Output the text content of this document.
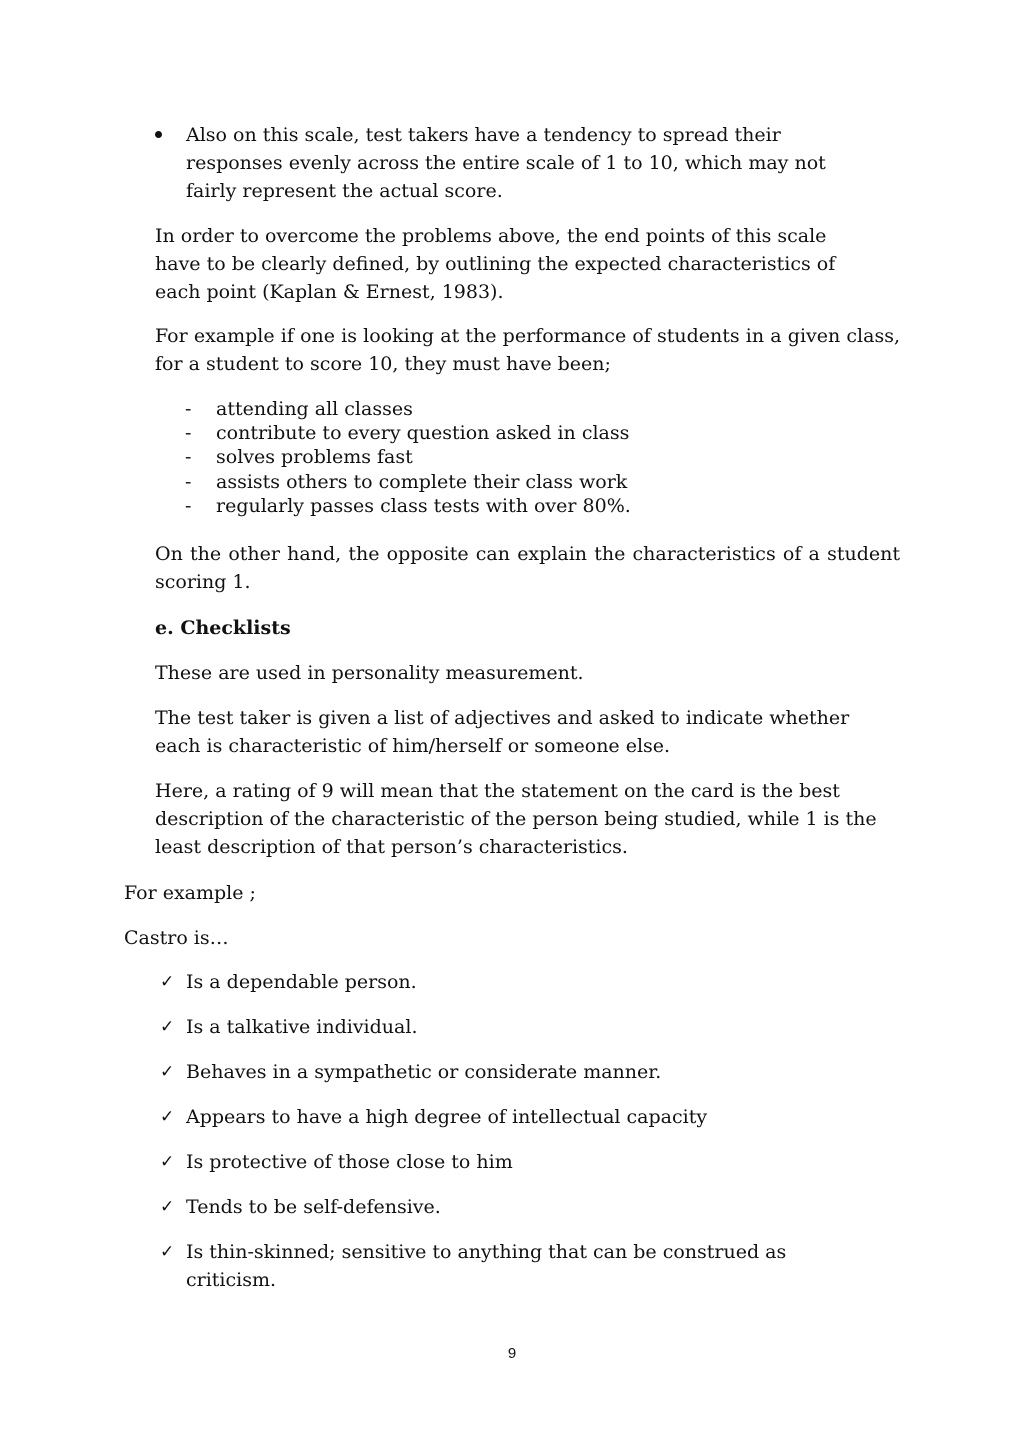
Also on this scale, test takers have a tendency to spread their responses evenly across the entire scale of 1 to 10, which may not fairly represent the actual score.

In order to overcome the problems above, the end points of this scale have to be clearly defined, by outlining the expected characteristics of each point (Kaplan & Ernest, 1983).

For example if one is looking at the performance of students in a given class, for a student to score 10, they must have been;

- attending all classes
- contribute to every question asked in class
- solves problems fast
- assists others to complete their class work
- regularly passes class tests with over 80%.

On the other hand, the opposite can explain the characteristics of a student scoring 1.

e. Checklists

These are used in personality measurement.

The test taker is given a list of adjectives and asked to indicate whether each is characteristic of him/herself or someone else.

Here, a rating of 9 will mean that the statement on the card is the best description of the characteristic of the person being studied, while 1 is the least description of that person’s characteristics.

For example ;

Castro is…

✓ Is a dependable person.
✓ Is a talkative individual.
✓ Behaves in a sympathetic or considerate manner.
✓ Appears to have a high degree of intellectual capacity
✓ Is protective of those close to him
✓ Tends to be self-defensive.
✓ Is thin-skinned; sensitive to anything that can be construed as criticism.
9
